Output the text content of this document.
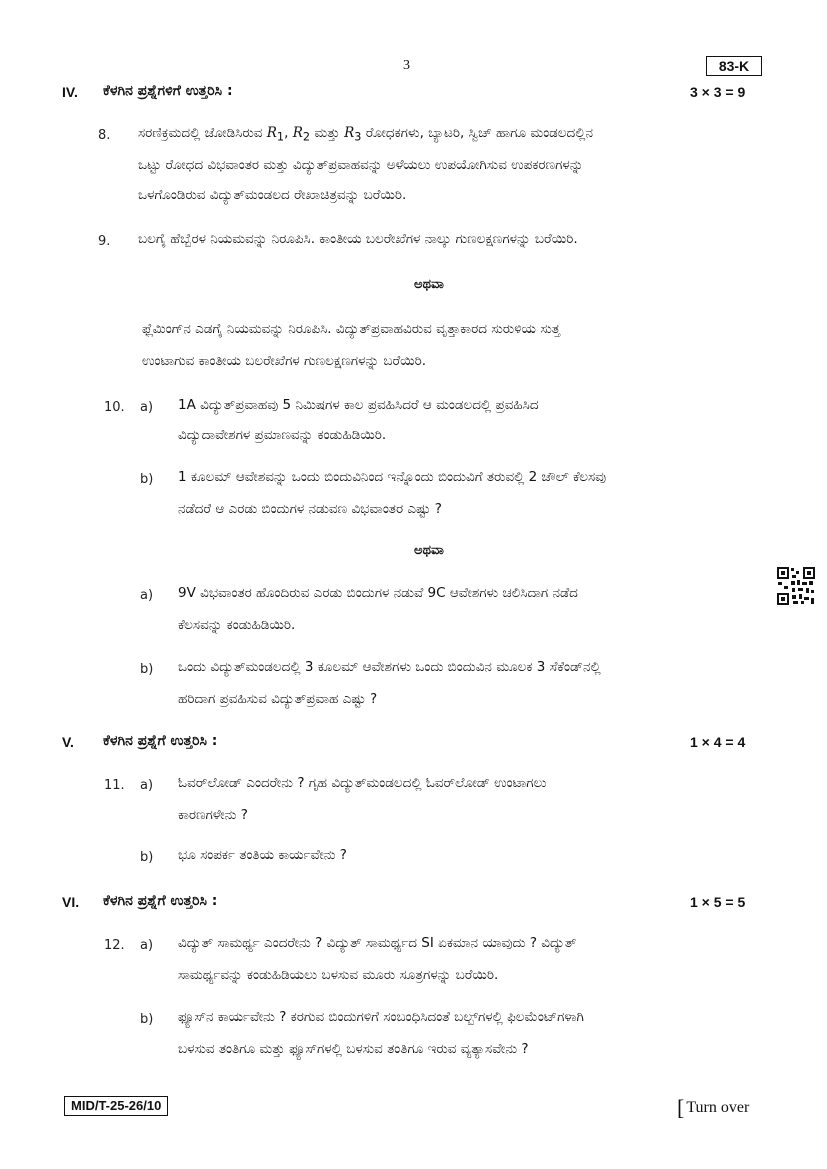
3	83-K
IV. ಕೆಳಗಿನ ಪ್ರಶ್ನೆಗಳಿಗೆ ಉತ್ತರಿಸಿ :	3 × 3 = 9
8. ಸರಣಿಕ್ರಮದಲ್ಲಿ ಜೋಡಿಸಿರುವ $R_1$, $R_2$ ಮತ್ತು $R_3$ ರೋಧಕಗಳು, ಬ್ಯಾಟರಿ, ಸ್ವಿಚ್ ಹಾಗೂ ಮಂಡಲದಲ್ಲಿನ
ಒಟ್ಟು ರೋಧದ ವಿಭವಾಂತರ ಮತ್ತು ವಿದ್ಯುತ್‌ಪ್ರವಾಹವನ್ನು ಅಳೆಯಲು ಉಪಯೋಗಿಸುವ ಉಪಕರಣಗಳನ್ನು
ಒಳಗೊಂಡಿರುವ ವಿದ್ಯುತ್‌ಮಂಡಲದ ರೇಖಾಚಿತ್ರವನ್ನು ಬರೆಯಿರಿ.
9. ಬಲಗೈ ಹೆಬ್ಬೆರಳ ನಿಯಮವನ್ನು ನಿರೂಪಿಸಿ. ಕಾಂತೀಯ ಬಲರೇಖೆಗಳ ನಾಲ್ಕು ಗುಣಲಕ್ಷಣಗಳನ್ನು ಬರೆಯಿರಿ.
ಅಥವಾ
ಫ್ಲೆಮಿಂಗ್‌ನ ಎಡಗೈ ನಿಯಮವನ್ನು ನಿರೂಪಿಸಿ. ವಿದ್ಯುತ್‌ಪ್ರವಾಹವಿರುವ ವೃತ್ತಾಕಾರದ ಸುರುಳಿಯ ಸುತ್ತ
ಉಂಟಾಗುವ ಕಾಂತೀಯ ಬಲರೇಖೆಗಳ ಗುಣಲಕ್ಷಣಗಳನ್ನು ಬರೆಯಿರಿ.
10. a) 1A ವಿದ್ಯುತ್‌ಪ್ರವಾಹವು 5 ನಿಮಿಷಗಳ ಕಾಲ ಪ್ರವಹಿಸಿದರೆ ಆ ಮಂಡಲದಲ್ಲಿ ಪ್ರವಹಿಸಿದ
ವಿದ್ಯುದಾವೇಶಗಳ ಪ್ರಮಾಣವನ್ನು ಕಂಡುಹಿಡಿಯಿರಿ.
b) 1 ಕೂಲಮ್ ಆವೇಶವನ್ನು ಒಂದು ಬಿಂದುವಿನಿಂದ ಇನ್ನೊಂದು ಬಿಂದುವಿಗೆ ತರುವಲ್ಲಿ 2 ಜೌಲ್ ಕೆಲಸವು
ನಡೆದರೆ ಆ ಎರಡು ಬಿಂದುಗಳ ನಡುವಣ ವಿಭವಾಂತರ ಎಷ್ಟು ?
ಅಥವಾ
a) 9V ವಿಭವಾಂತರ ಹೊಂದಿರುವ ಎರಡು ಬಿಂದುಗಳ ನಡುವೆ 9C ಆವೇಶಗಳು ಚಲಿಸಿದಾಗ ನಡೆದ
ಕೆಲಸವನ್ನು ಕಂಡುಹಿಡಿಯಿರಿ.
b) ಒಂದು ವಿದ್ಯುತ್‌ಮಂಡಲದಲ್ಲಿ 3 ಕೂಲಮ್ ಆವೇಶಗಳು ಒಂದು ಬಿಂದುವಿನ ಮೂಲಕ 3 ಸೆಕೆಂಡ್‌ನಲ್ಲಿ
ಹರಿದಾಗ ಪ್ರವಹಿಸುವ ವಿದ್ಯುತ್‌ಪ್ರವಾಹ ಎಷ್ಟು ?
V. ಕೆಳಗಿನ ಪ್ರಶ್ನೆಗೆ ಉತ್ತರಿಸಿ :	1 × 4 = 4
11. a) ಓವರ್‌ಲೋಡ್ ಎಂದರೇನು ? ಗೃಹ ವಿದ್ಯುತ್‌ಮಂಡಲದಲ್ಲಿ ಓವರ್‌ಲೋಡ್ ಉಂಟಾಗಲು
ಕಾರಣಗಳೇನು ?
b) ಭೂ ಸಂಪರ್ಕ ತಂತಿಯ ಕಾರ್ಯವೇನು ?
VI. ಕೆಳಗಿನ ಪ್ರಶ್ನೆಗೆ ಉತ್ತರಿಸಿ :	1 × 5 = 5
12. a) ವಿದ್ಯುತ್ ಸಾಮರ್ಥ್ಯ ಎಂದರೇನು ? ವಿದ್ಯುತ್ ಸಾಮರ್ಥ್ಯದ SI ಏಕಮಾನ ಯಾವುದು ? ವಿದ್ಯುತ್
ಸಾಮರ್ಥ್ಯವನ್ನು ಕಂಡುಹಿಡಿಯಲು ಬಳಸುವ ಮೂರು ಸೂತ್ರಗಳನ್ನು ಬರೆಯಿರಿ.
b) ಫ್ಯೂಸ್‌ನ ಕಾರ್ಯವೇನು ? ಕರಗುವ ಬಿಂದುಗಳಿಗೆ ಸಂಬಂಧಿಸಿದಂತೆ ಬಲ್ಬ್‌ಗಳಲ್ಲಿ ಫಿಲಮೆಂಟ್‌ಗಳಾಗಿ
ಬಳಸುವ ತಂತಿಗೂ ಮತ್ತು ಫ್ಯೂಸ್‌ಗಳಲ್ಲಿ ಬಳಸುವ ತಂತಿಗೂ ಇರುವ ವ್ಯತ್ಯಾಸವೇನು ?
MID/T-25-26/10	[ Turn over
